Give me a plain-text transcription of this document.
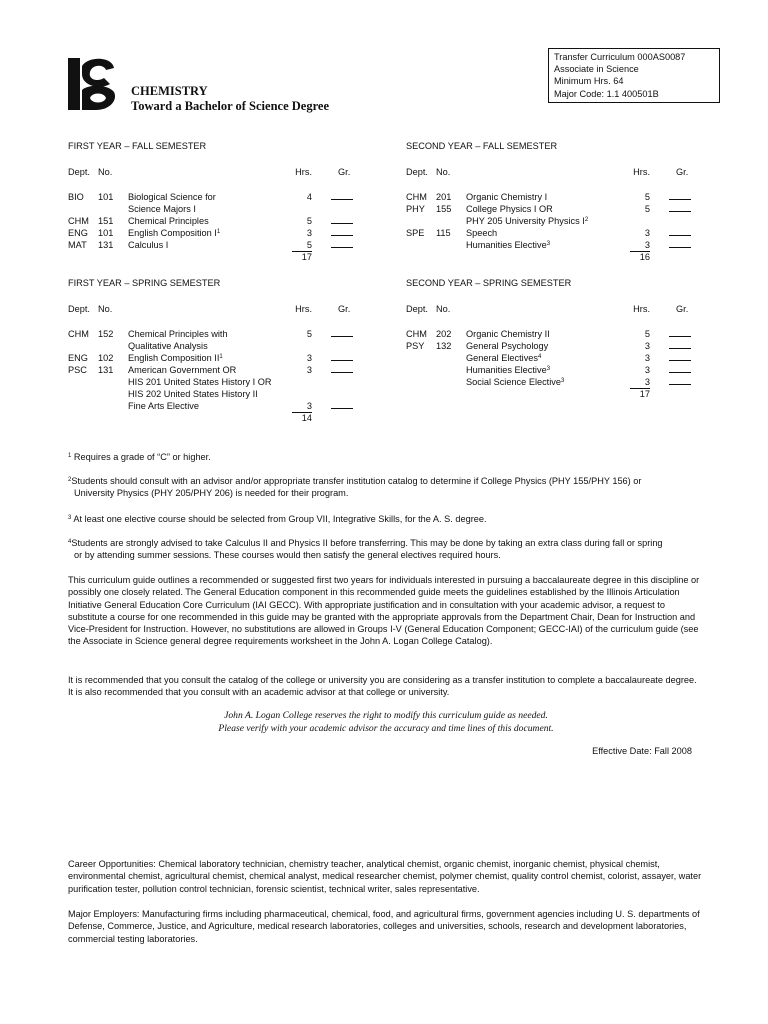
CHEMISTRY
Toward a Bachelor of Science Degree
Transfer Curriculum 000AS0087
Associate in Science
Minimum Hrs. 64
Major Code: 1.1 400501B
FIRST YEAR – FALL SEMESTER
Dept. No.	Hrs.	Gr.
BIO 101 Biological Science for	4
Science Majors I
CHM 151 Chemical Principles	5
ENG 101 English Composition $I^1$	3
MAT 131 Calculus I	5
17
SECOND YEAR – FALL SEMESTER
Dept. No.	Hrs.	Gr.
CHM 201 Organic Chemistry I	5
PHY 155 College Physics I OR	5
PHY 205 University Physics $I^2$
SPE 115 Speech	3
Humanities Elective$^3$	3
16
FIRST YEAR – SPRING SEMESTER
Dept. No.	Hrs.	Gr.
CHM 152 Chemical Principles with	5
Qualitative Analysis
ENG 102 English Composition $II^1$	3
PSC 131 American Government OR	3
HIS 201 United States History I OR
HIS 202 United States History II
Fine Arts Elective	3
14
SECOND YEAR – SPRING SEMESTER
Dept. No.	Hrs.	Gr.
CHM 202 Organic Chemistry II	5
PSY 132 General Psychology	3
General Electives$^4$	3
Humanities Elective$^3$	3
Social Science Elective$^3$	3
17
$^1$ Requires a grade of “C” or higher.
$^2$Students should consult with an advisor and/or appropriate transfer institution catalog to determine if College Physics (PHY 155/PHY 156) or
University Physics (PHY 205/PHY 206) is needed for their program.
$^3$ At least one elective course should be selected from Group VII, Integrative Skills, for the A. S. degree.
$^4$Students are strongly advised to take Calculus II and Physics II before transferring. This may be done by taking an extra class during fall or spring
or by attending summer sessions. These courses would then satisfy the general electives required hours.
This curriculum guide outlines a recommended or suggested first two years for individuals interested in pursuing a baccalaureate degree in this discipline or possibly one closely related. The General Education component in this recommended guide meets the guidelines established by the Illinois Articulation Initiative General Education Core Curriculum (IAI GECC). With appropriate justification and in consultation with your academic advisor, a request to substitute a course for one recommended in this guide may be granted with the appropriate approvals from the Department Chair, Dean for Instruction and Vice-President for Instruction. However, no substitutions are allowed in Groups I-V (General Education Component; GECC-IAI) of the curriculum guide (see the Associate in Science general degree requirements worksheet in the John A. Logan College Catalog).
It is recommended that you consult the catalog of the college or university you are considering as a transfer institution to complete a baccalaureate degree. It is also recommended that you consult with an academic advisor at that college or university.
John A. Logan College reserves the right to modify this curriculum guide as needed.
Please verify with your academic advisor the accuracy and time lines of this document.
Effective Date: Fall 2008
Career Opportunities: Chemical laboratory technician, chemistry teacher, analytical chemist, organic chemist, inorganic chemist, physical chemist, environmental chemist, agricultural chemist, chemical analyst, medical researcher chemist, polymer chemist, quality control chemist, colorist, assayer, water purification tester, pollution control technician, forensic scientist, technical writer, sales representative.
Major Employers: Manufacturing firms including pharmaceutical, chemical, food, and agricultural firms, government agencies including U. S. departments of Defense, Commerce, Justice, and Agriculture, medical research laboratories, colleges and universities, schools, research and development laboratories, commercial testing laboratories.
